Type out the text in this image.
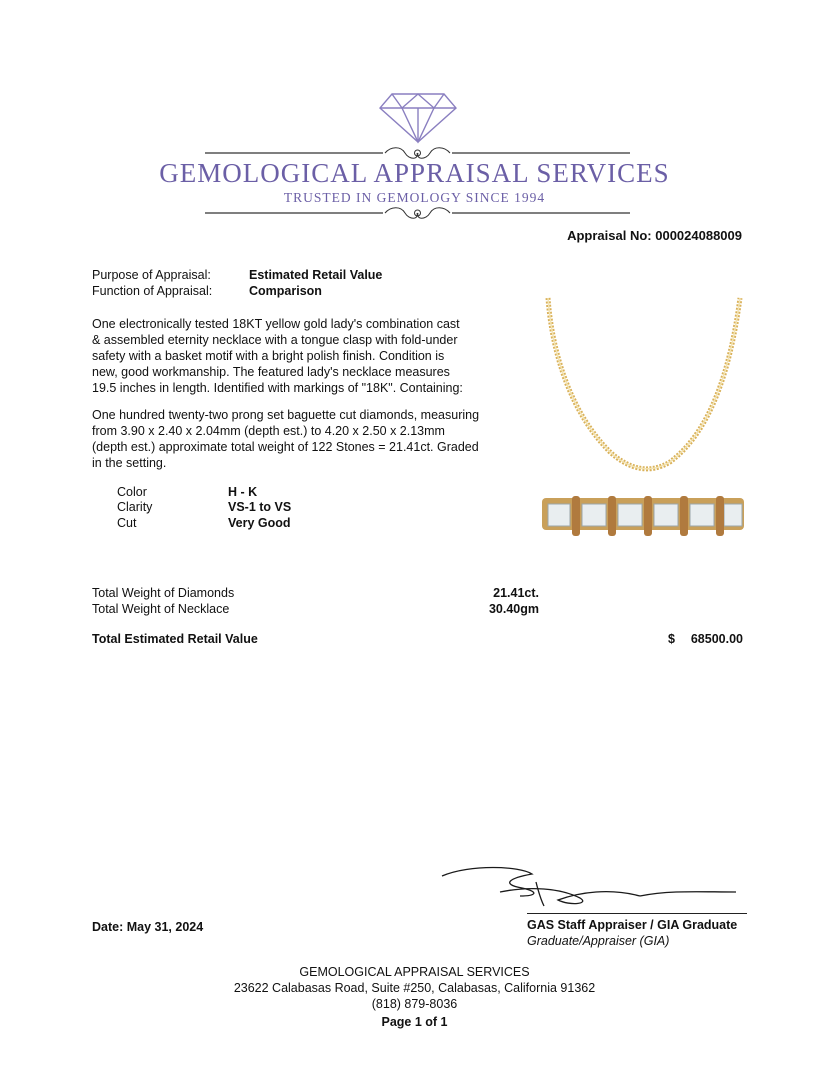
GEMOLOGICAL APPRAISAL SERVICES
TRUSTED IN GEMOLOGY SINCE 1994
Appraisal No: 000024088009
Purpose of Appraisal:	Estimated Retail Value
Function of Appraisal:	Comparison
One electronically tested 18KT yellow gold lady's combination cast
& assembled eternity necklace with a tongue clasp with fold-under
safety with a basket motif with a bright polish finish. Condition is
new, good workmanship. The featured lady's necklace measures
19.5 inches in length. Identified with markings of "18K". Containing:
One hundred twenty-two prong set baguette cut diamonds, measuring
from 3.90 x 2.40 x 2.04mm (depth est.) to 4.20 x 2.50 x 2.13mm
(depth est.) approximate total weight of 122 Stones = 21.41ct. Graded
in the setting.
Color	H - K
Clarity	VS-1 to VS
Cut	Very Good
Total Weight of Diamonds	21.41ct.
Total Weight of Necklace	30.40gm
Total Estimated Retail Value	$ 68500.00
Date: May 31, 2024	GAS Staff Appraiser / GIA Graduate
Graduate/Appraiser (GIA)
GEMOLOGICAL APPRAISAL SERVICES
23622 Calabasas Road, Suite #250, Calabasas, California 91362
(818) 879-8036
Page 1 of 1
